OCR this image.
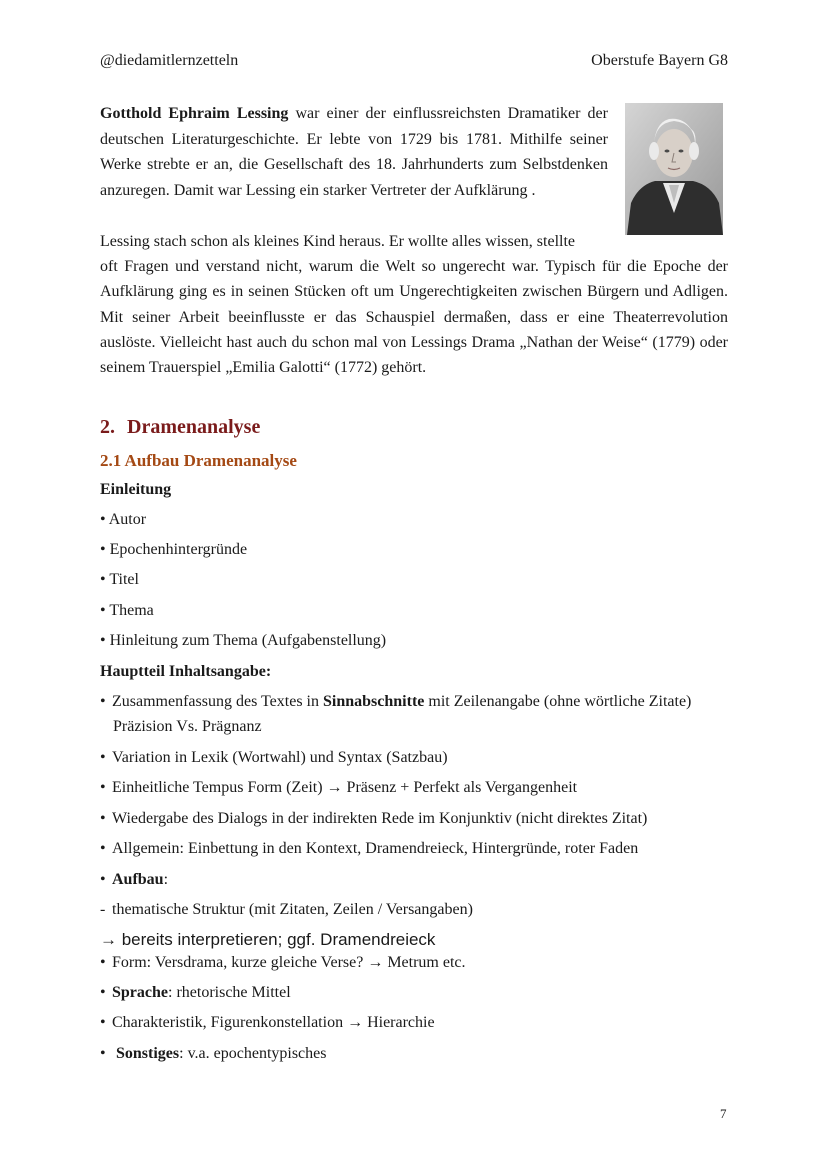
@diedamitlernzetteln	Oberstufe Bayern G8
Gotthold Ephraim Lessing war einer der einflussreichsten Dramatiker der deutschen Literaturgeschichte. Er lebte von 1729 bis 1781. Mithilfe seiner Werke strebte er an, die Gesellschaft des 18. Jahrhunderts zum Selbstdenken anzuregen. Damit war Lessing ein starker Vertreter der Aufklärung .
Lessing stach schon als kleines Kind heraus. Er wollte alles wissen, stellte
oft Fragen und verstand nicht, warum die Welt so ungerecht war. Typisch für die Epoche der Aufklärung ging es in seinen Stücken oft um Ungerechtigkeiten zwischen Bürgern und Adligen. Mit seiner Arbeit beeinflusste er das Schauspiel dermaßen, dass er eine Theaterrevolution auslöste. Vielleicht hast auch du schon mal von Lessings Drama „Nathan der Weise“ (1779) oder seinem Trauerspiel „Emilia Galotti“ (1772) gehört.
2. Dramenanalyse
2.1 Aufbau Dramenanalyse
Einleitung
• Autor
• Epochenhintergründe
• Titel
• Thema
• Hinleitung zum Thema (Aufgabenstellung)
Hauptteil Inhaltsangabe:
• Zusammenfassung des Textes in Sinnabschnitte mit Zeilenangabe (ohne wörtliche Zitate)
Präzision Vs. Prägnanz
• Variation in Lexik (Wortwahl) und Syntax (Satzbau)
• Einheitliche Tempus Form (Zeit) → Präsenz + Perfekt als Vergangenheit
• Wiedergabe des Dialogs in der indirekten Rede im Konjunktiv (nicht direktes Zitat)
• Allgemein: Einbettung in den Kontext, Dramendreieck, Hintergründe, roter Faden
• Aufbau:
- thematische Struktur (mit Zitaten, Zeilen / Versangaben)
→ bereits interpretieren; ggf. Dramendreieck
• Form: Versdrama, kurze gleiche Verse? → Metrum etc.
• Sprache: rhetorische Mittel
• Charakteristik, Figurenkonstellation → Hierarchie
• Sonstiges: v.a. epochentypisches
7
